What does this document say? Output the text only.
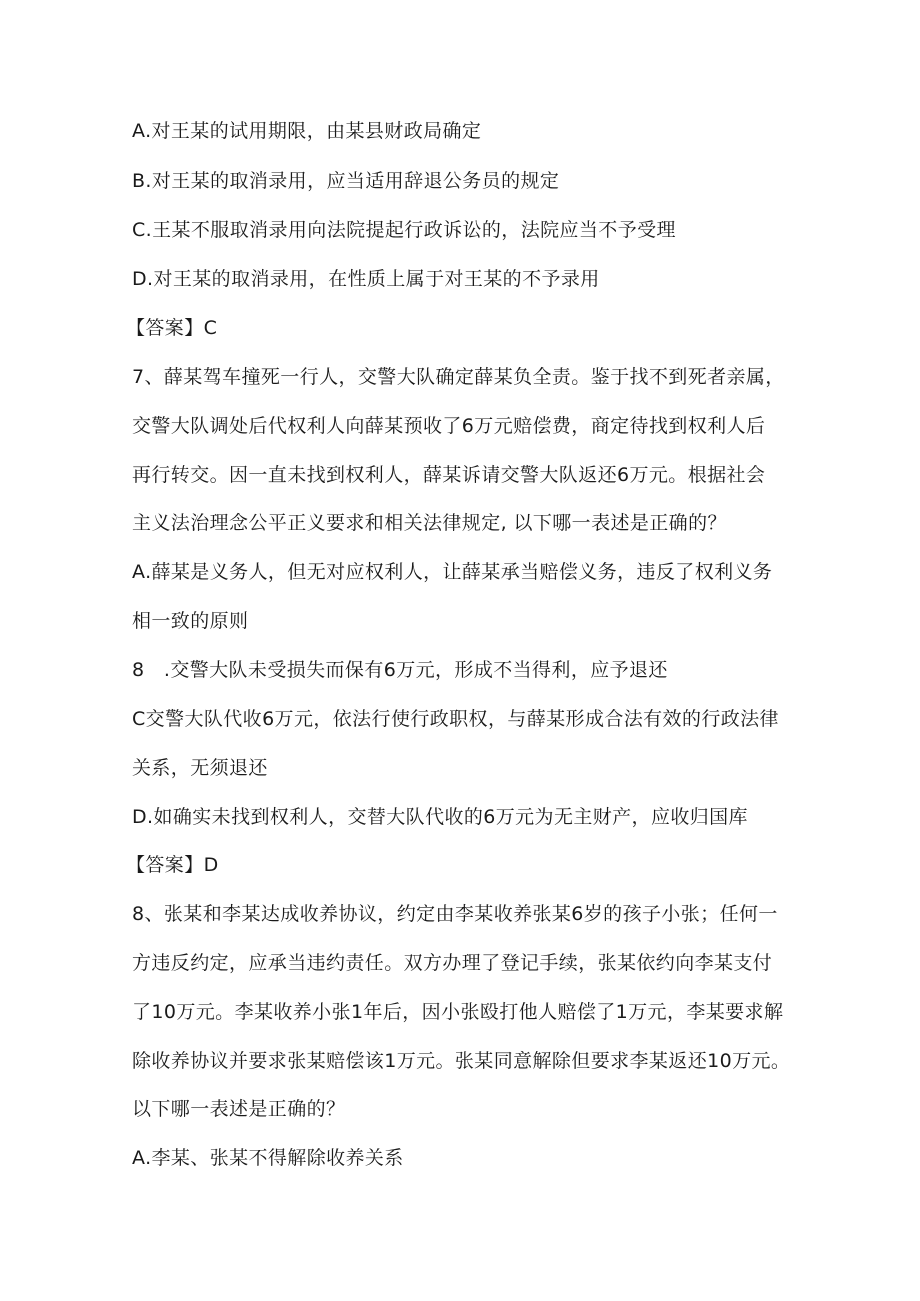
A.对王某的试用期限，由某县财政局确定
B.对王某的取消录用，应当适用辞退公务员的规定
C.王某不服取消录用向法院提起行政诉讼的，法院应当不予受理
D.对王某的取消录用，在性质上属于对王某的不予录用
【答案】C
7、薛某驾车撞死一行人，交警大队确定薛某负全责。鉴于找不到死者亲属，
交警大队调处后代权利人向薛某预收了6万元赔偿费，商定待找到权利人后
再行转交。因一直未找到权利人，薛某诉请交警大队返还6万元。根据社会
主义法治理念公平正义要求和相关法律规定, 以下哪一表述是正确的？
A.薛某是义务人，但无对应权利人，让薛某承当赔偿义务，违反了权利义务
相一致的原则
8　.交警大队未受损失而保有6万元，形成不当得利，应予退还
C交警大队代收6万元，依法行使行政职权，与薛某形成合法有效的行政法律
关系，无须退还
D.如确实未找到权利人，交替大队代收的6万元为无主财产，应收归国库
【答案】D
8、张某和李某达成收养协议，约定由李某收养张某6岁的孩子小张；任何一
方违反约定，应承当违约责任。双方办理了登记手续，张某依约向李某支付
了10万元。李某收养小张1年后，因小张殴打他人赔偿了1万元，李某要求解
除收养协议并要求张某赔偿该1万元。张某同意解除但要求李某返还10万元。
以下哪一表述是正确的？
A.李某、张某不得解除收养关系
